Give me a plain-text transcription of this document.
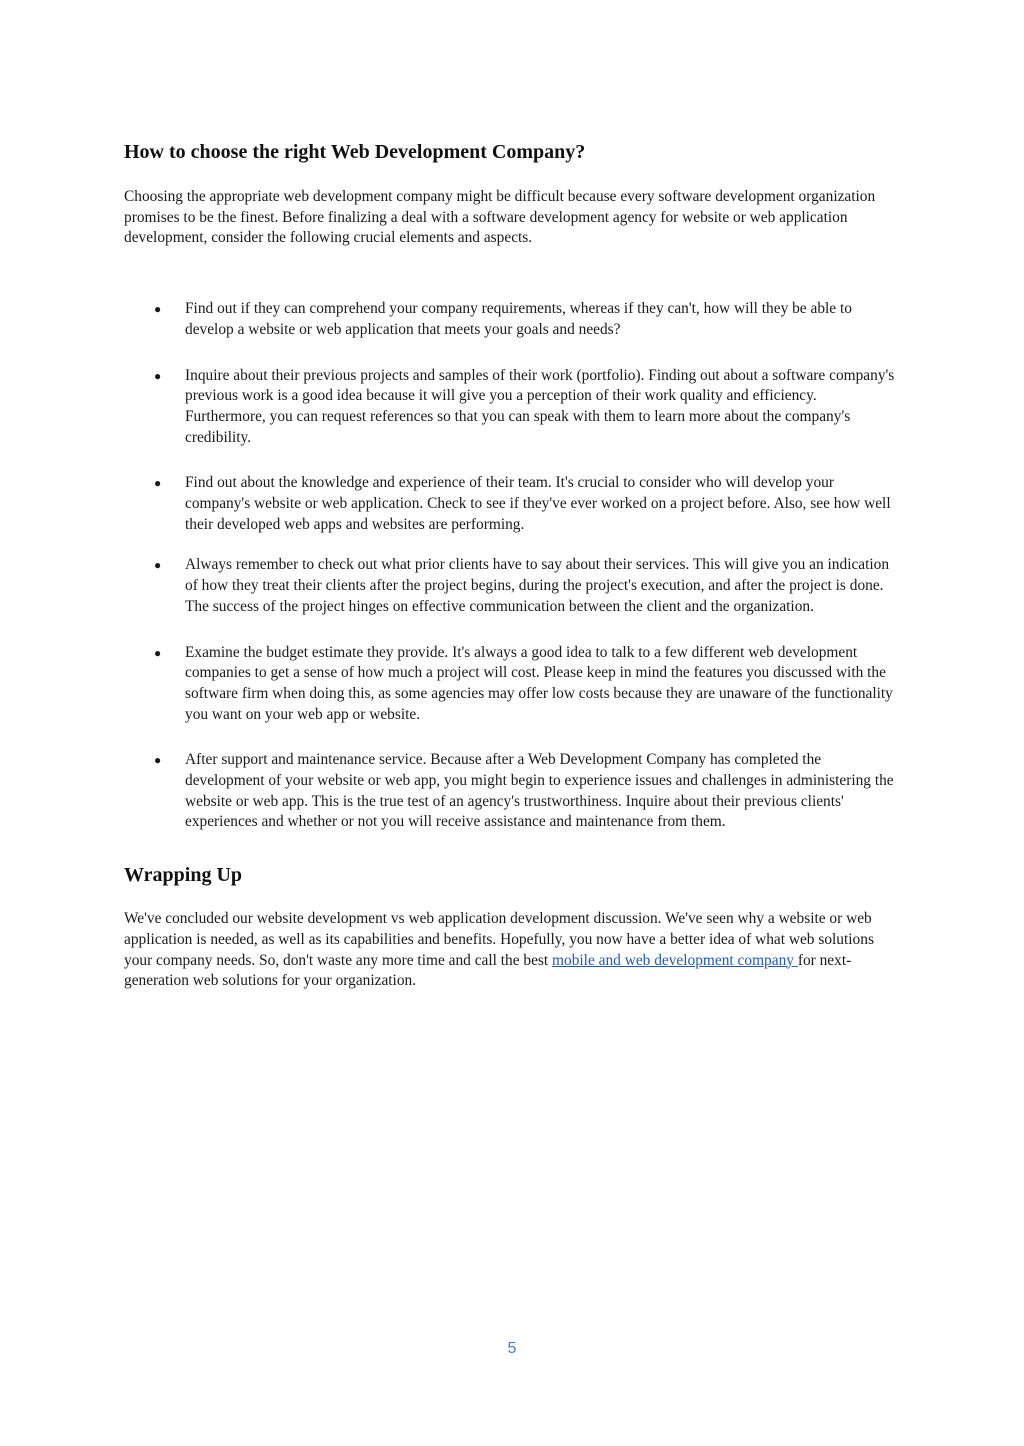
How to choose the right Web Development Company?

Choosing the appropriate web development company might be difficult because every software development organization promises to be the finest. Before finalizing a deal with a software development agency for website or web application development, consider the following crucial elements and aspects.

● Find out if they can comprehend your company requirements, whereas if they can't, how will they be able to develop a website or web application that meets your goals and needs?
● Inquire about their previous projects and samples of their work (portfolio). Finding out about a software company's previous work is a good idea because it will give you a perception of their work quality and efficiency. Furthermore, you can request references so that you can speak with them to learn more about the company's credibility.
● Find out about the knowledge and experience of their team. It's crucial to consider who will develop your company's website or web application. Check to see if they've ever worked on a project before. Also, see how well their developed web apps and websites are performing.
● Always remember to check out what prior clients have to say about their services. This will give you an indication of how they treat their clients after the project begins, during the project's execution, and after the project is done. The success of the project hinges on effective communication between the client and the organization.
● Examine the budget estimate they provide. It's always a good idea to talk to a few different web development companies to get a sense of how much a project will cost. Please keep in mind the features you discussed with the software firm when doing this, as some agencies may offer low costs because they are unaware of the functionality you want on your web app or website.
● After support and maintenance service. Because after a Web Development Company has completed the development of your website or web app, you might begin to experience issues and challenges in administering the website or web app. This is the true test of an agency's trustworthiness. Inquire about their previous clients' experiences and whether or not you will receive assistance and maintenance from them.
Wrapping Up

We've concluded our website development vs web application development discussion. We've seen why a website or web application is needed, as well as its capabilities and benefits. Hopefully, you now have a better idea of what web solutions your company needs. So, don't waste any more time and call the best mobile and web development company for next-generation web solutions for your organization.

5
